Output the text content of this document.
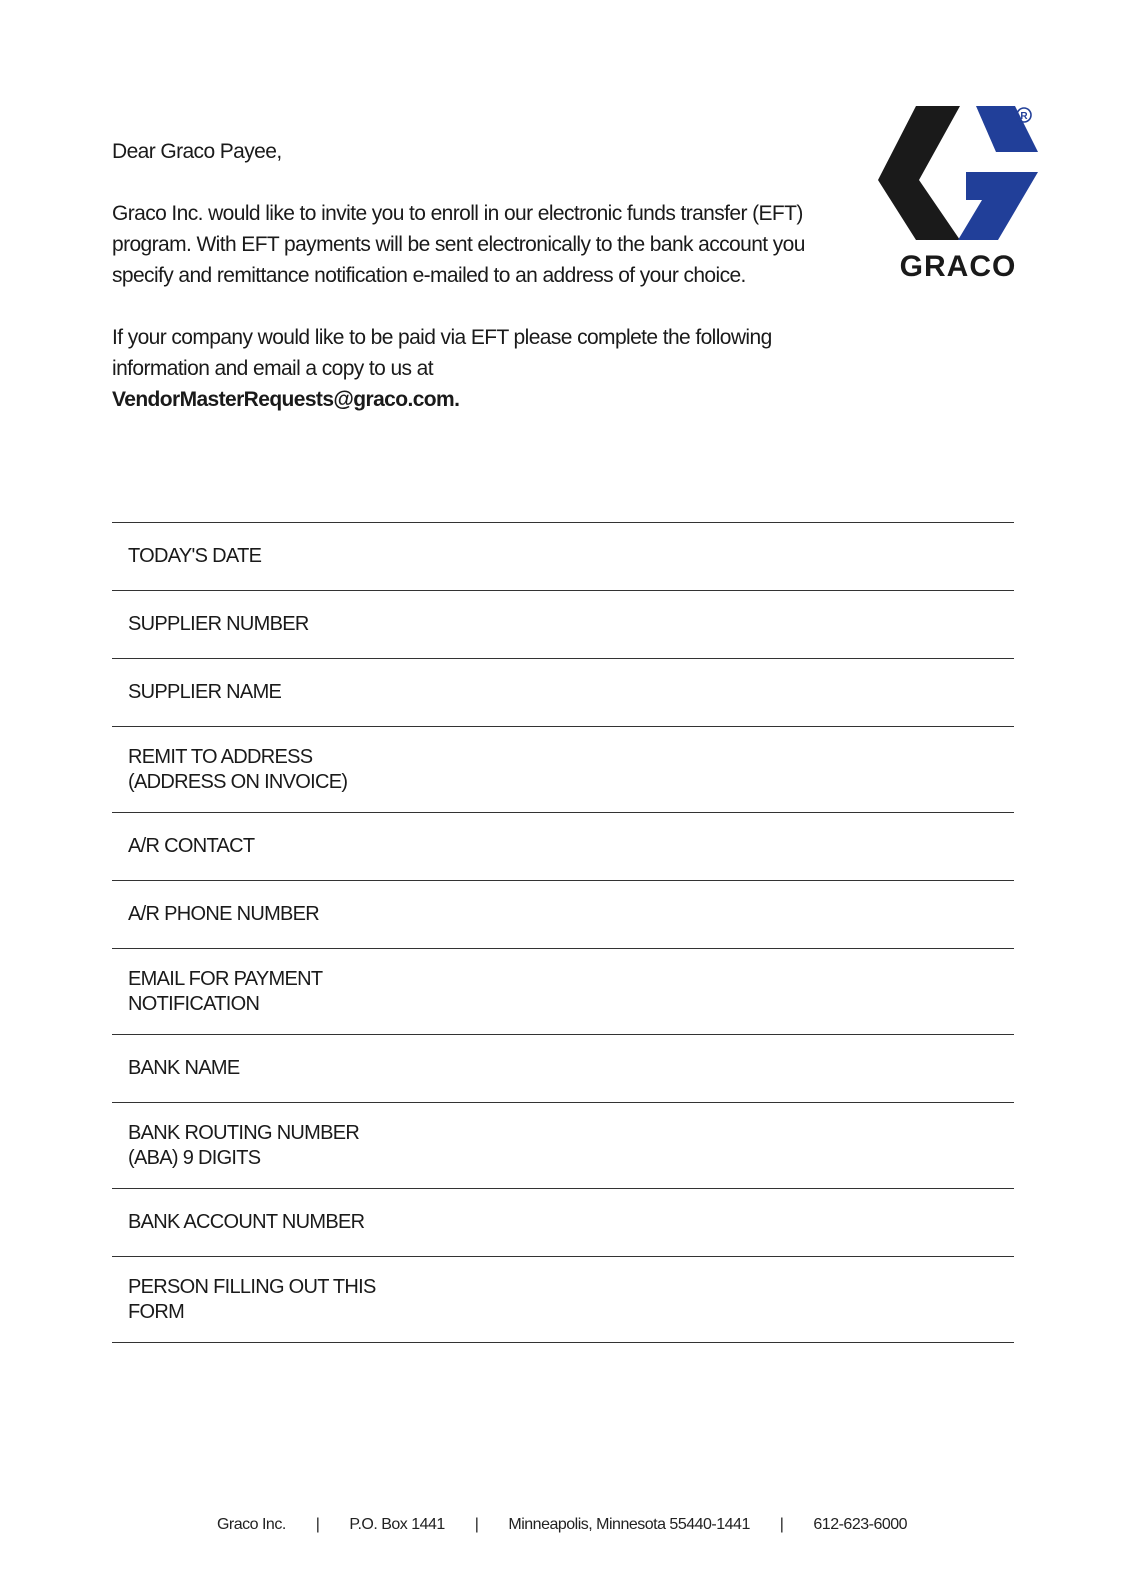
Dear Graco Payee,

Graco Inc. would like to invite you to enroll in our electronic funds transfer (EFT) program. With EFT payments will be sent electronically to the bank account you specify and remittance notification e-mailed to an address of your choice.

If your company would like to be paid via EFT please complete the following information and email a copy to us at
VendorMasterRequests@graco.com.

R
GRACO
TODAY'S DATE
SUPPLIER NUMBER
SUPPLIER NAME
REMIT TO ADDRESS
(ADDRESS ON INVOICE)
A/R CONTACT
A/R PHONE NUMBER
EMAIL FOR PAYMENT
NOTIFICATION
BANK NAME
BANK ROUTING NUMBER
(ABA) 9 DIGITS
BANK ACCOUNT NUMBER
PERSON FILLING OUT THIS
FORM
Graco Inc. | P.O. Box 1441 | Minneapolis, Minnesota 55440-1441 | 612-623-6000
